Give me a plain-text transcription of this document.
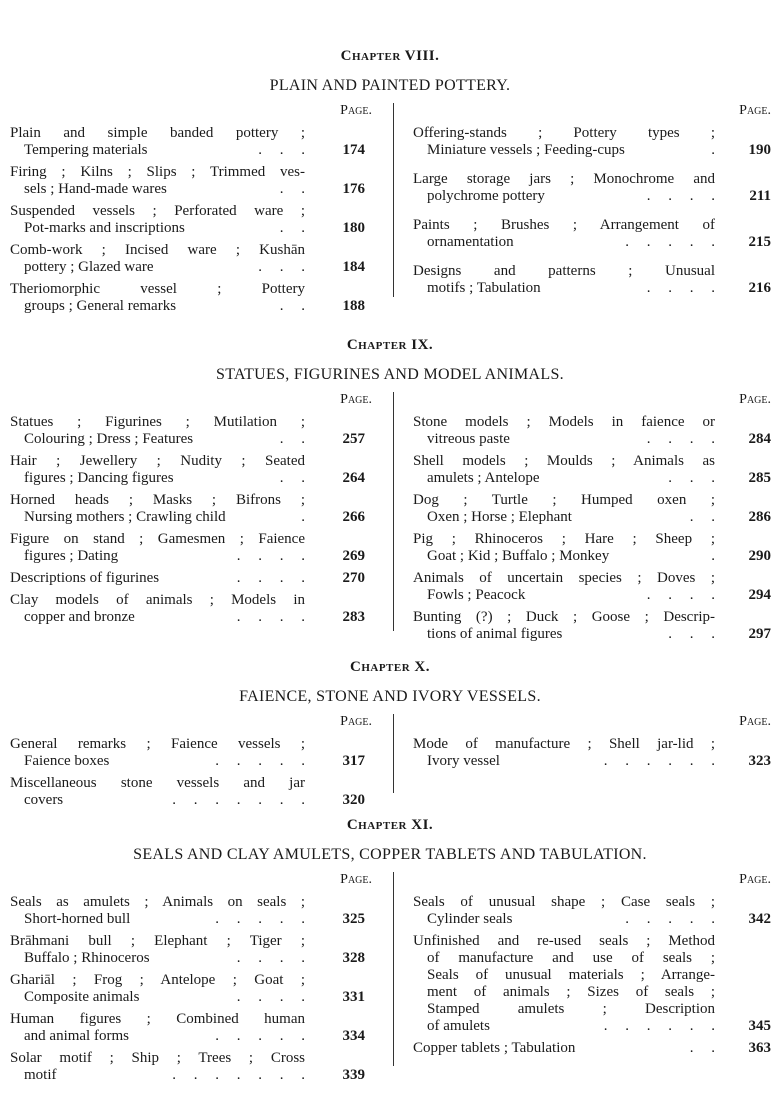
Chapter VIII.
PLAIN AND PAINTED POTTERY.
Page.
Plain and simple banded pottery ;
Tempering materials	. . .	174
Firing ; Kilns ; Slips ; Trimmed ves-
sels ; Hand-made wares	. .	176
Suspended vessels ; Perforated ware ;
Pot-marks and inscriptions	. .	180
Comb-work ; Incised ware ; Kushān
pottery ; Glazed ware	. . .	184
Theriomorphic vessel ; Pottery
groups ; General remarks	. .	188
Page.
Offering-stands ; Pottery types ;
Miniature vessels ; Feeding-cups	.	190
Large storage jars ; Monochrome and
polychrome pottery	. . . .	211
Paints ; Brushes ; Arrangement of
ornamentation	. . . . .	215
Designs and patterns ; Unusual
motifs ; Tabulation	. . . .	216
Chapter IX.
STATUES, FIGURINES AND MODEL ANIMALS.
Page.
Statues ; Figurines ; Mutilation ;
Colouring ; Dress ; Features	. .	257
Hair ; Jewellery ; Nudity ; Seated
figures ; Dancing figures	. .	264
Horned heads ; Masks ; Bifrons ;
Nursing mothers ; Crawling child	.	266
Figure on stand ; Gamesmen ; Faience
figures ; Dating	. . . .	269
Descriptions of figurines	. . . .	270
Clay models of animals ; Models in
copper and bronze	. . . .	283
Page.
Stone models ; Models in faience or
vitreous paste	. . . .	284
Shell models ; Moulds ; Animals as
amulets ; Antelope	. . .	285
Dog ; Turtle ; Humped oxen ;
Oxen ; Horse ; Elephant	. .	286
Pig ; Rhinoceros ; Hare ; Sheep ;
Goat ; Kid ; Buffalo ; Monkey	.	290
Animals of uncertain species ; Doves ;
Fowls ; Peacock	. . . .	294
Bunting (?) ; Duck ; Goose ; Descrip-
tions of animal figures	. . .	297
Chapter X.
FAIENCE, STONE AND IVORY VESSELS.
Page.
General remarks ; Faience vessels ;
Faience boxes	. . . . .	317
Miscellaneous stone vessels and jar
covers	. . . . . . .	320
Page.
Mode of manufacture ; Shell jar-lid ;
Ivory vessel	. . . . . .	323
Chapter XI.
SEALS AND CLAY AMULETS, COPPER TABLETS AND TABULATION.
Page.
Seals as amulets ; Animals on seals ;
Short-horned bull	. . . . .	325
Brāhmani bull ; Elephant ; Tiger ;
Buffalo ; Rhinoceros	. . . .	328
Ghariāl ; Frog ; Antelope ; Goat ;
Composite animals	. . . .	331
Human figures ; Combined human
and animal forms	. . . . .	334
Solar motif ; Ship ; Trees ; Cross
motif	. . . . . . .	339
Page.
Seals of unusual shape ; Case seals ;
Cylinder seals	. . . . .	342
Unfinished and re-used seals ; Method
of manufacture and use of seals ;
Seals of unusual materials ; Arrange-
ment of animals ; Sizes of seals ;
Stamped amulets ; Description
of amulets	. . . . . .	345
Copper tablets ; Tabulation	. .	363
